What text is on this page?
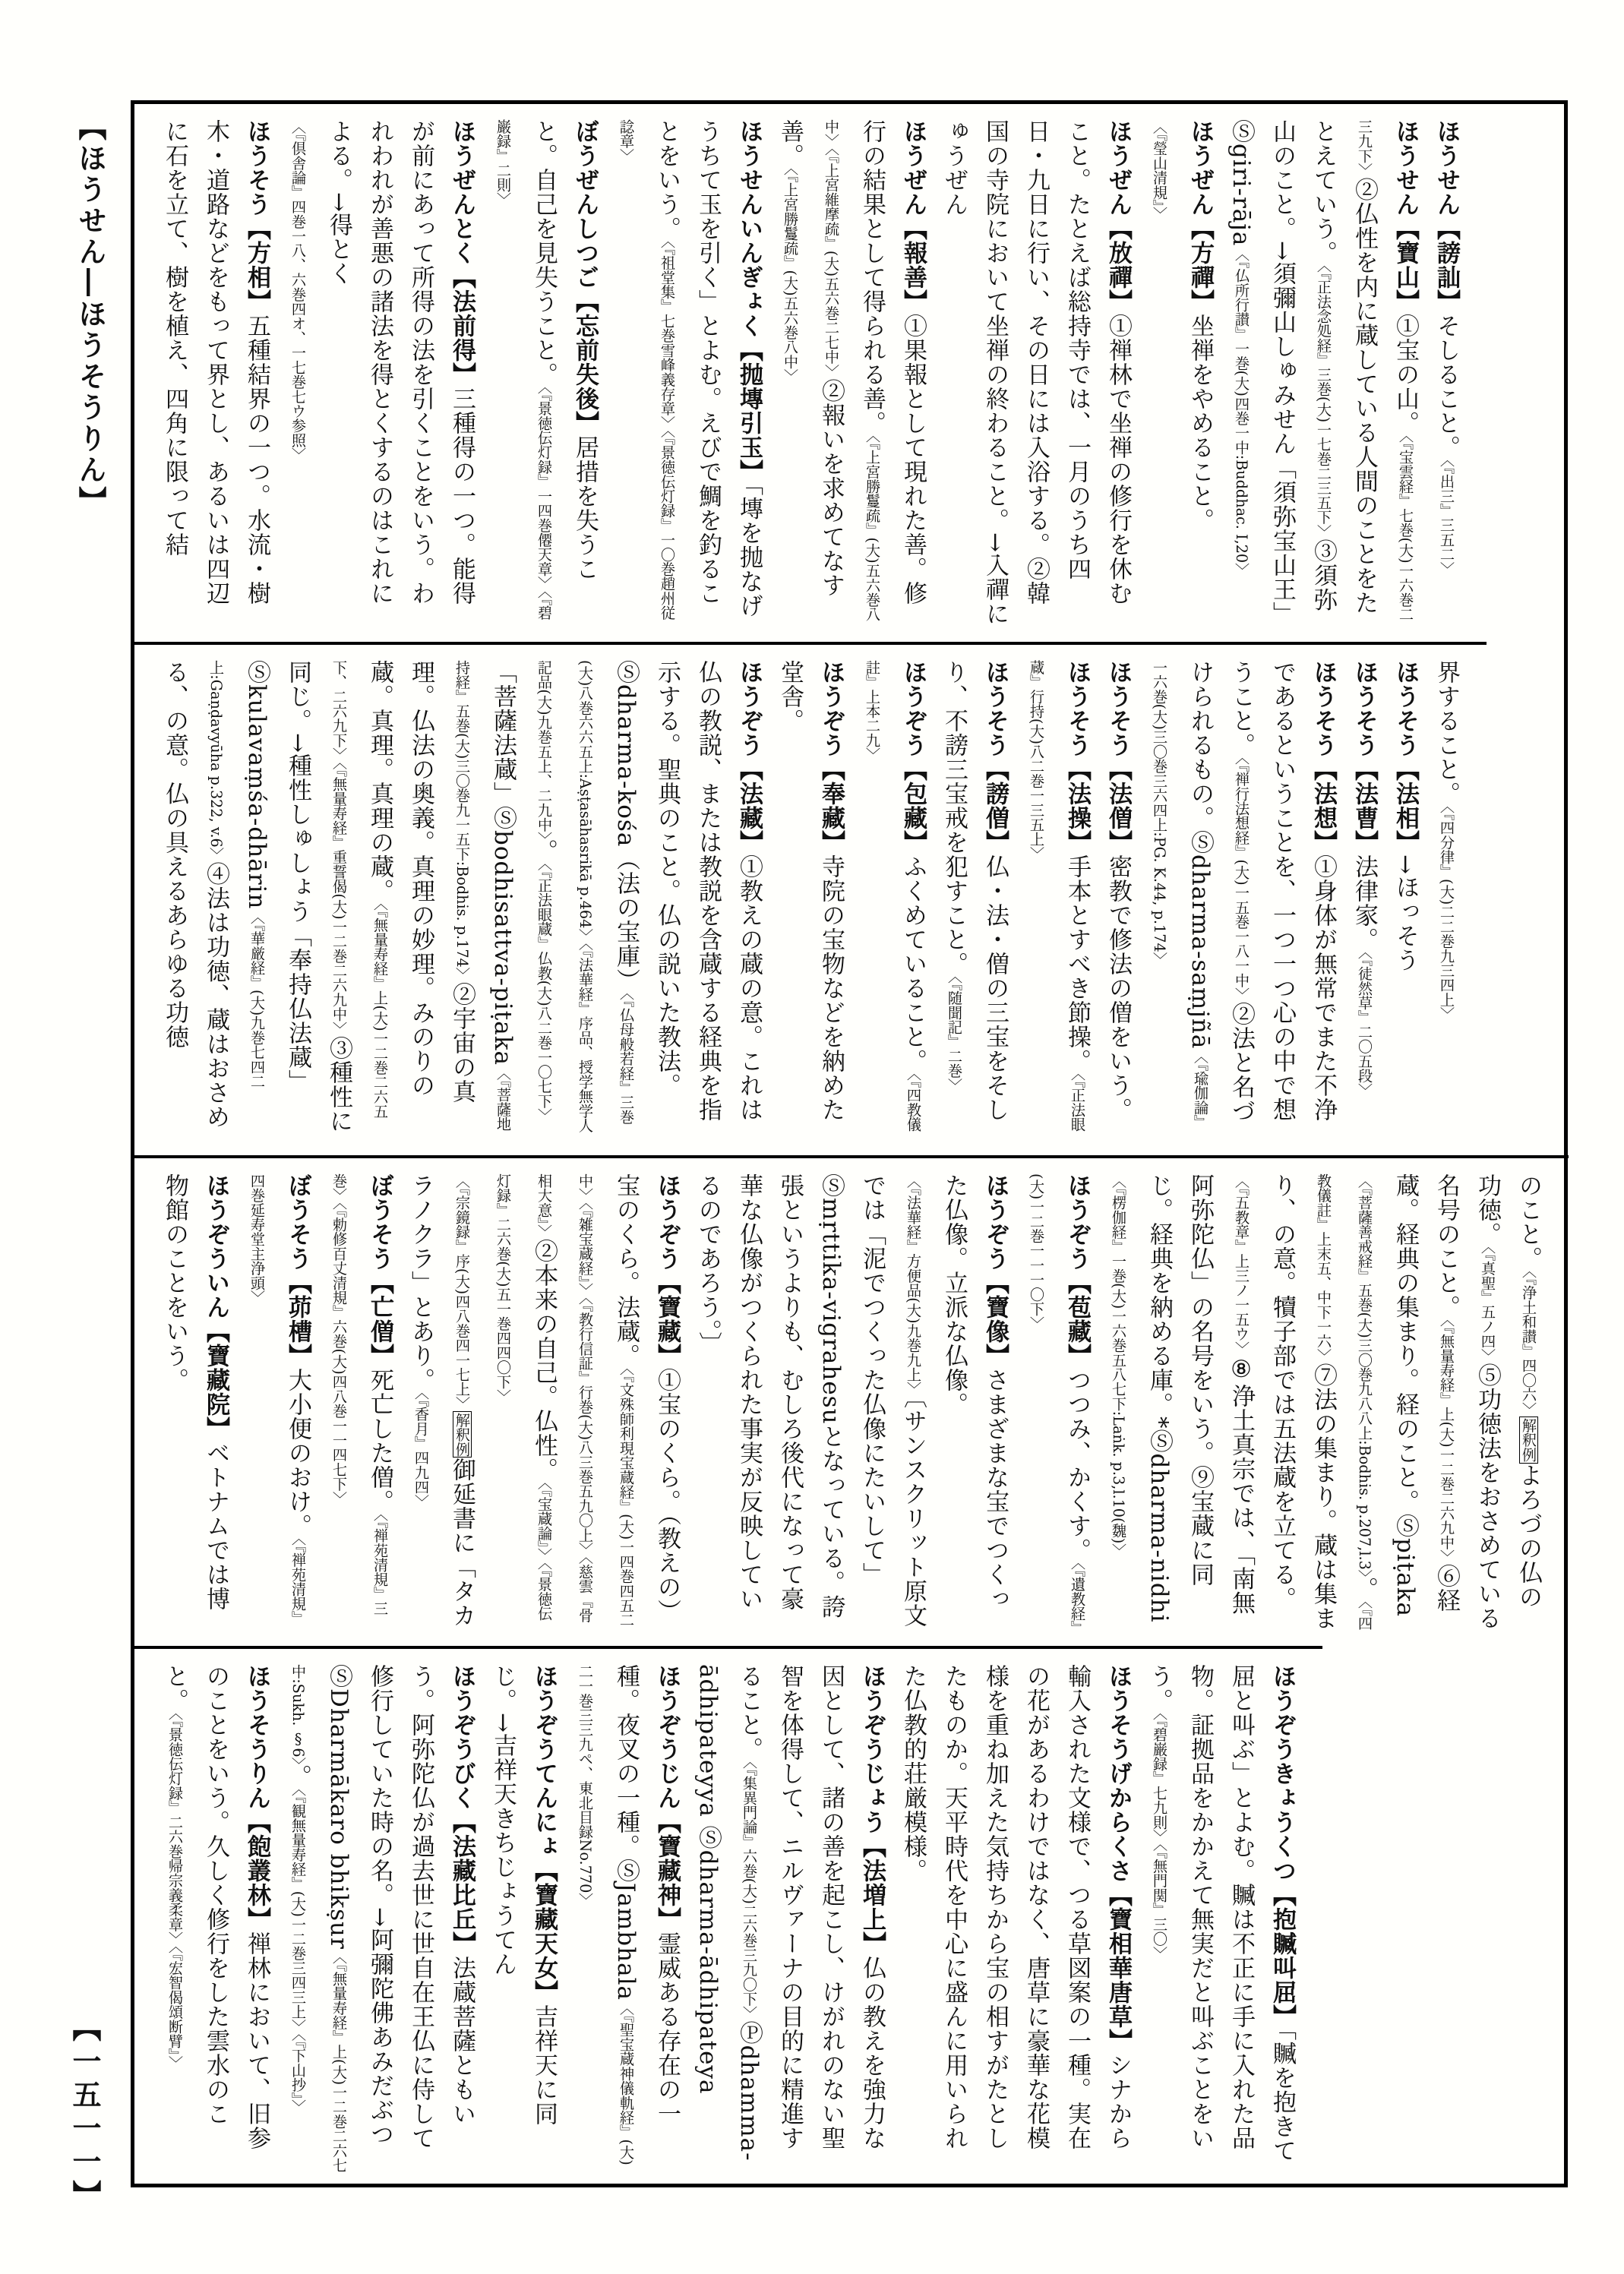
【ほうせん―ほうそうりん】	ほうせん【謗訕】そしること。〈『出三』三五二〉

ほうせん【寶山】①宝の山。〈『宝雲経』七巻(大)一六巻二三九下〉②仏性を内に蔵している人間のことをたとえていう。〈『正法念処経』三巻(大)一七巻二三五下〉③須弥山のこと。→須彌山しゅみせん「須弥宝山王」Ⓢgiri-rāja〈『仏所行讃』一巻(大)四巻一中:Buddhac. I,20〉

ほうぜん【方禪】坐禅をやめること。〈『瑩山清規』〉

ほうぜん【放禪】①禅林で坐禅の修行を休むこと。たとえば総持寺では、一月のうち四日・九日に行い、その日には入浴する。②韓国の寺院において坐禅の終わること。→入禪にゅうぜん

ほうぜん【報善】①果報として現れた善。修行の結果として得られる善。〈『上宮勝鬘疏』(大)五六巻八中〉〈『上宮維摩疏』(大)五六巻二七中〉②報いを求めてなす善。〈『上宮勝鬘疏』(大)五六巻八中〉

ほうせんいんぎょく【抛塼引玉】「塼を抛なげうちて玉を引く」とよむ。えびで鯛を釣ることをいう。〈『祖堂集』七巻雪峰義存章〉〈『景徳伝灯録』一〇巻趙州従諗章〉

ぼうぜんしつご【忘前失後】居措を失うこと。自己を見失うこと。〈『景徳伝灯録』一四巻僊天章〉〈『碧巌録』二則〉

ほうぜんとく【法前得】三種得の一つ。能得が前にあって所得の法を引くことをいう。われわれが善悪の諸法を得とくするのはこれによる。→得とく〈『倶舎論』四巻一八、六巻四オ、一七巻七ウ参照〉

ほうそう【方相】五種結界の一つ。水流・樹木・道路などをもって界とし、あるいは四辺に石を立て、樹を植え、四角に限って結

界すること。〈『四分律』(大)二二巻九三四上〉

ほうそう【法相】→ほっそう

ほうそう【法曹】法律家。〈『徒然草』二〇五段〉

ほうそう【法想】①身体が無常でまた不浄であるということを、一つ一つ心の中で想うこと。〈『禅行法想経』(大)一五巻一八一中〉②法と名づけられるもの。Ⓢdharma-saṃjñā〈『瑜伽論』一六巻(大)三〇巻三六四上:PG. K.44, p.174〉

ほうそう【法僧】密教で修法の僧をいう。

ほうそう【法操】手本とすべき節操。〈『正法眼蔵』行持(大)八二巻一三五上〉

ほうそう【謗僧】仏・法・僧の三宝をそしり、不謗三宝戒を犯すこと。〈『随聞記』二巻〉

ほうぞう【包藏】ふくめていること。〈『四教儀註』上本二九〉

ほうぞう【奉藏】寺院の宝物などを納めた堂舎。

ほうぞう【法藏】①教えの蔵の意。これは仏の教説、または教説を含蔵する経典を指示する。聖典のこと。仏の説いた教法。Ⓢdharma-kośa（法の宝庫）〈『仏母般若経』三巻(大)八巻六六五上:Aṣṭasāhasrikā p.464〉〈『法華経』序品、授学無学人記品(大)九巻五上、二九中〉。〈『正法眼蔵』仏教(大)八二巻一〇七下〉「菩薩法蔵」Ⓢbodhisattva-piṭaka〈『菩薩地持経』五巻(大)三〇巻九一五下:Bodhis. p.174〉②宇宙の真理。仏法の奥義。真理の妙理。みのりの蔵。真理。真理の蔵。〈『無量寿経』上(大)一二巻二六五下、二六九下〉〈『無量寿経』重誓偈(大)一二巻二六九中〉③種性に同じ。→種性しゅしょう「奉持仏法蔵」Ⓢkulavaṃśa-dhārin〈『華厳経』(大)九巻七四二上:Gaṇḍavyūha p.322, v.6〉④法は功徳、蔵はおさめる、の意。仏の具えるあらゆる功徳

のこと。〈『浄土和讃』四〇六〉解釈例よろづの仏の功徳。〈『真聖』五ノ四〉⑤功徳法をおさめている名号のこと。〈『無量寿経』上(大)一二巻二六九中〉⑥経蔵。経典の集まり。経のこと。Ⓢpiṭaka〈『菩薩善戒経』五巻(大)三〇巻九八八上:Bodhis. p.207,l.3〉。〈『四教儀註』上末五、中下一六〉⑦法の集まり。蔵は集まり、の意。犢子部では五法蔵を立てる。〈『五教章』上三ノ一五ウ〉⑧浄土真宗では、「南無阿弥陀仏」の名号をいう。⑨宝蔵に同じ。経典を納める庫。*Ⓢdharma-nidhi〈『楞伽経』一巻(大)一六巻五八七下:Laṅk. p.3,l.10(魏)〉

ほうぞう【苞藏】つつみ、かくす。〈『遺教経』(大)一二巻一一一〇下〉

ほうぞう【寶像】さまざまな宝でつくった仏像。立派な仏像。〈『法華経』方便品(大)九巻九上〉〔サンスクリット原文では「泥でつくった仏像にたいして」Ⓢmṛttika-vigrahesuとなっている。誇張というよりも、むしろ後代になって豪華な仏像がつくられた事実が反映しているのであろう。〕

ほうぞう【寶藏】①宝のくら。（教えの）宝のくら。法蔵。〈『文殊師利現宝蔵経』(大)一四巻四五二中〉〈『雑宝蔵経』〉〈『教行信証』行巻(大)八三巻五九〇上〉〈慈雲『骨相大意』〉②本来の自己。仏性。〈『宝蔵論』〉〈『景徳伝灯録』二六巻(大)五一巻四四〇下〉〈『宗鏡録』序(大)四八巻四一七上〉解釈例御延書に「タカラノクラ」とあり。〈『香月』四九四〉

ぼうそう【亡僧】死亡した僧。〈『禅苑清規』三巻〉〈『勅修百丈清規』六巻(大)四八巻一一四七下〉

ぼうそう【茆槽】大小便のおけ。〈『禅苑清規』四巻延寿堂主浄頭〉

ほうぞういん【寶藏院】ベトナムでは博物館のことをいう。

ほうぞうきょうくつ【抱贓叫屈】「贓を抱きて屈と叫ぶ」とよむ。贓は不正に手に入れた品物。証拠品をかかえて無実だと叫ぶことをいう。〈『碧巌録』七九則〉〈『無門関』三〇〉

ほうそうげからくさ【寶相華唐草】シナから輸入された文様で、つる草図案の一種。実在の花があるわけではなく、唐草に豪華な花模様を重ね加えた気持ちから宝の相すがたとしたものか。天平時代を中心に盛んに用いられた仏教的荘厳模様。

ほうぞうじょう【法増上】仏の教えを強力な因として、諸の善を起こし、けがれのない聖智を体得して、ニルヴァーナの目的に精進すること。〈『集異門論』六巻(大)二六巻三九〇下〉Ⓟdhamma-ādhipateyya Ⓢdharma-ādhipateya

ほうぞうじん【寶藏神】霊威ある存在の一種。夜叉の一種。ⓈJambhala〈『聖宝蔵神儀軌経』(大)二一巻三三九ペ、東北目録No.770〉

ほうぞうてんにょ【寶藏天女】吉祥天に同じ。→吉祥天きちじょうてん

ほうぞうびく【法藏比丘】法蔵菩薩ともいう。阿弥陀仏が過去世に世自在王仏に侍して修行していた時の名。→阿彌陀佛あみだぶつ ⓈDharmākaro bhikṣur〈『無量寿経』上(大)一二巻二六七中:Sukh. §6〉。〈『観無量寿経』(大)一二巻三四三上〉〈『下山抄』〉

ほうそうりん【飽叢林】禅林において、旧参のことをいう。久しく修行をした雲水のこと。〈『景徳伝灯録』二六巻帰宗義柔章〉〈『宏智偈頌断臂』〉

【一五一一】
